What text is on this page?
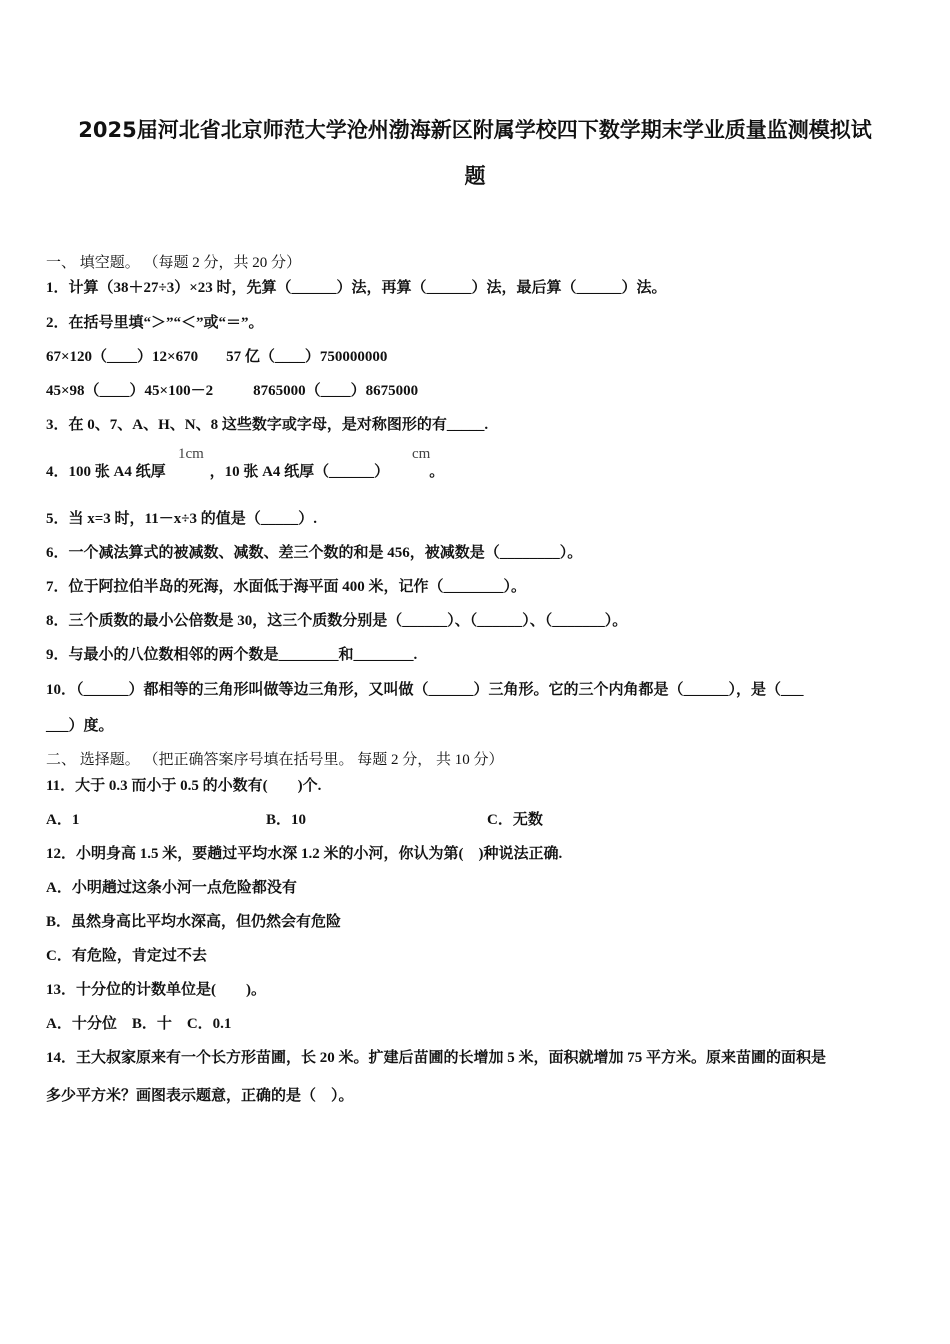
2025届河北省北京师范大学沧州渤海新区附属学校四下数学期末学业质量监测模拟试
题
一、 填空题。 （每题 2 分，共 20 分）
1．计算（38＋27÷3）×23 时，先算（______）法，再算（______）法，最后算（______）法。
2．在括号里填“＞”“＜”或“＝”。
67×120（____）12×670 57 亿（____）750000000
45×98（____）45×100－2	8765000（____）8675000
3．在 0、7、A、H、N、8 这些数字或字母，是对称图形的有_____.
4．100 张 A4 纸厚	，10 张 A4 纸厚（______）	。
1cm	cm
5．当 x=3 时，11－x÷3 的值是（_____）.
6．一个减法算式的被减数、减数、差三个数的和是 456，被减数是（________）。
7．位于阿拉伯半岛的死海，水面低于海平面 400 米，记作（________）。
8．三个质数的最小公倍数是 30，这三个质数分别是（______）、（______）、（_______）。
9．与最小的八位数相邻的两个数是________和________.
10．（______）都相等的三角形叫做等边三角形，又叫做（______）三角形。它的三个内角都是（______），是（___
___）度。
二、 选择题。 （把正确答案序号填在括号里。 每题 2 分， 共 10 分）
11．大于 0.3 而小于 0.5 的小数有(　　)个.
A．1	B．10	C．无数
12．小明身高 1.5 米，要趟过平均水深 1.2 米的小河，你认为第(　)种说法正确.
A．小明趟过这条小河一点危险都没有
B．虽然身高比平均水深高，但仍然会有危险
C．有危险，肯定过不去
13．十分位的计数单位是(　　)。
A．十分位　B．十　C．0.1
14．王大叔家原来有一个长方形苗圃，长 20 米。扩建后苗圃的长增加 5 米，面积就增加 75 平方米。原来苗圃的面积是
多少平方米？画图表示题意，正确的是（　）。
